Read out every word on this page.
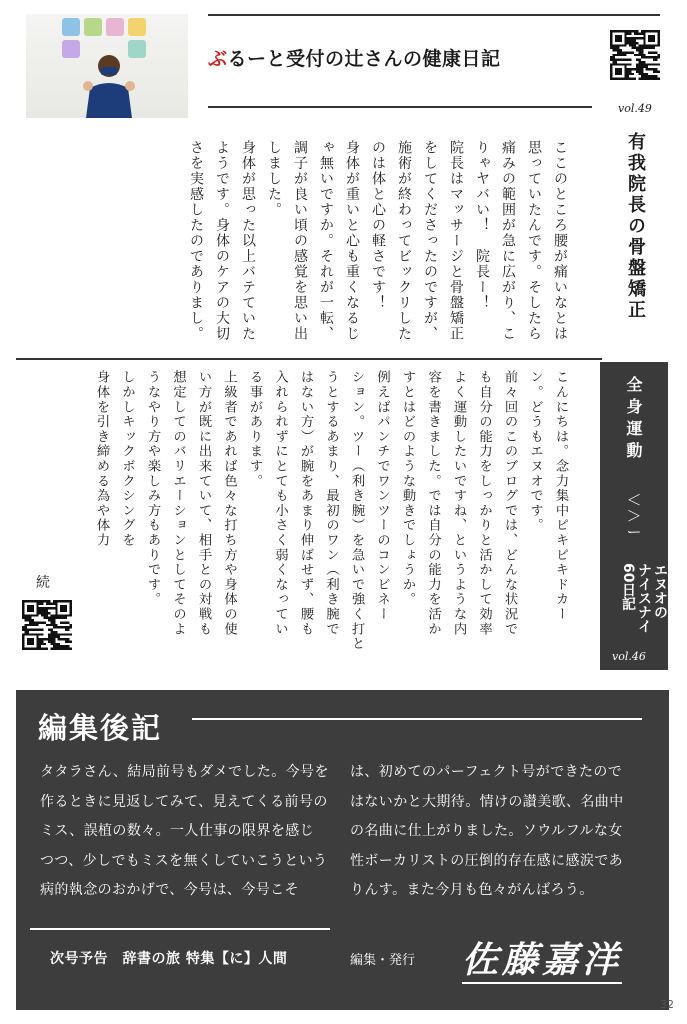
ぶるーと受付の辻さんの健康日記
vol.49
有我院長の骨盤矯正
ここのところ腰が痛いなとは
思っていたんです。そしたら
痛みの範囲が急に広がり、こ
りゃヤバい！　院長ー！
院長はマッサージと骨盤矯正
をしてくださったのですが、
施術が終わってビックリした
のは体と心の軽さです！
身体が重いと心も重くなるじ
ゃ無いですか。それが一転、
調子が良い頃の感覚を思い出
しました。
身体が思った以上バテていた
ようです。身体のケアの大切
さを実感したのでありまし。
全身運動
＜ ＞
ー
エヌオの
ナイスナイ
60日記
vol.46
こんにちは。念力集中ピキピキドカー
ン。どうもエヌオです。
前々回のこのブログでは、どんな状況で
も自分の能力をしっかりと活かして効率
よく運動したいですね、というような内
容を書きました。では自分の能力を活か
すとはどのような動きでしょうか。
例えばパンチでワンツーのコンビネー
ション。ツー（利き腕）を急いで強く打と
うとするあまり、最初のワン（利き腕で
はない方）が腕をあまり伸ばせず、腰も
入れられずにとても小さく弱くなってい
る事があります。
上級者であれば色々な打ち方や身体の使
い方が既に出来ていて、相手との対戦も
想定してのバリエーションとしてそのよ
うなやり方や楽しみ方もありです。
しかしキックボクシングを
身体を引き締める為や体力
続
編集後記
タタラさん、結局前号もダメでした。今号を
作るときに見返してみて、見えてくる前号の
ミス、誤植の数々。一人仕事の限界を感じ
つつ、少しでもミスを無くしていこうという
病的執念のおかげで、今号は、今号こそ
は、初めてのパーフェクト号ができたので
はないかと大期待。情けの讃美歌、名曲中
の名曲に仕上がりました。ソウルフルな女
性ボーカリストの圧倒的存在感に感涙であ
りんす。また今月も色々がんばろう。
次号予告　辞書の旅 特集【に】人間	編集・発行 佐藤嘉洋
32
